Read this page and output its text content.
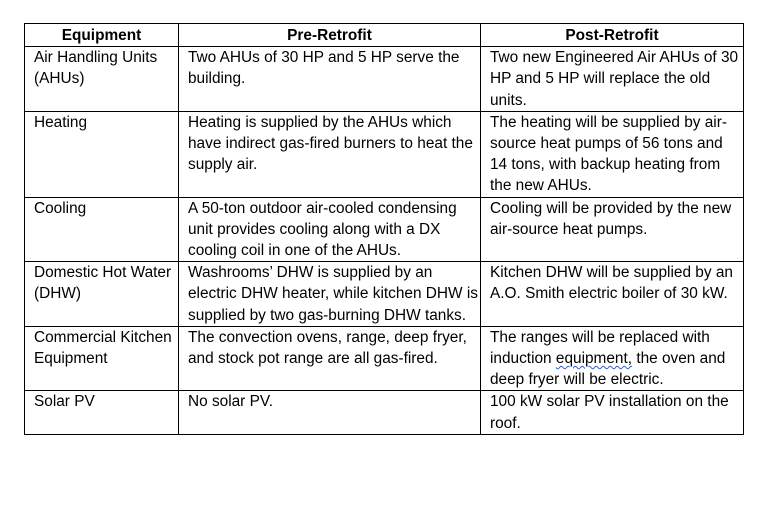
Equipment	Pre-Retrofit	Post-Retrofit
Air Handling Units (AHUs)	Two AHUs of 30 HP and 5 HP serve the building.	Two new Engineered Air AHUs of 30 HP and 5 HP will replace the old units.
Heating	Heating is supplied by the AHUs which have indirect gas-fired burners to heat the supply air.	The heating will be supplied by air-source heat pumps of 56 tons and 14 tons, with backup heating from the new AHUs.
Cooling	A 50-ton outdoor air-cooled condensing unit provides cooling along with a DX cooling coil in one of the AHUs.	Cooling will be provided by the new air-source heat pumps.
Domestic Hot Water (DHW)	Washrooms’ DHW is supplied by an electric DHW heater, while kitchen DHW is supplied by two gas-burning DHW tanks.	Kitchen DHW will be supplied by an A.O. Smith electric boiler of 30 kW.
Commercial Kitchen Equipment	The convection ovens, range, deep fryer, and stock pot range are all gas-fired.	The ranges will be replaced with induction equipment, the oven and deep fryer will be electric.
Solar PV	No solar PV.	100 kW solar PV installation on the roof.
